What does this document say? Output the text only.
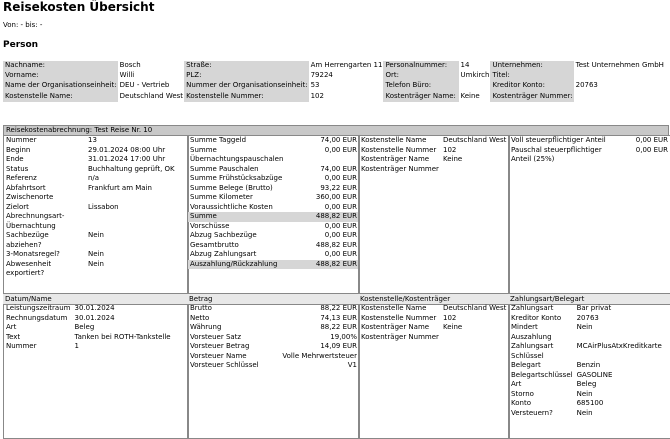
Reisekosten Übersicht
Von: - bis: -
Person
Nachname:	Bosch	Straße:	Am Herrengarten 11	Personalnummer:	14	Unternehmen:	Test Unternehmen GmbH
Vorname:	Willi	PLZ:	79224	Ort:	Umkirch	Titel:	
Name der Organisationseinheit:	DEU - Vertrieb	Nummer der Organisationseinheit:	53	Telefon Büro:		Kreditor Konto:	20763
Kostenstelle Name:	Deutschland West	Kostenstelle Nummer:	102	Kostenträger Name:	Keine	Kostenträger Nummer:	
Reisekostenabrechnung: Test Reise Nr. 10
Nummer	13
Beginn	29.01.2024 08:00 Uhr
Ende	31.01.2024 17:00 Uhr
Status	Buchhaltung geprüft, OK
Referenz	n/a
Abfahrtsort	Frankfurt am Main
Zwischenorte	
Zielort	Lissabon
Abrechnungsart-Übernachtung	
Sachbezüge abziehen?	Nein
3-Monatsregel?	Nein
Abwesenheit exportiert?	Nein
Summe Taggeld	74,00 EUR
Summe Übernachtungspauschalen	0,00 EUR
Summe Pauschalen	74,00 EUR
Summe Frühstücksabzüge	0,00 EUR
Summe Belege (Brutto)	93,22 EUR
Summe Kilometer	360,00 EUR
Voraussichtliche Kosten	0,00 EUR
Summe	488,82 EUR
Vorschüsse	0,00 EUR
Abzug Sachbezüge	0,00 EUR
Gesamtbrutto	488,82 EUR
Abzug Zahlungsart	0,00 EUR
Auszahlung/Rückzahlung	488,82 EUR
Kostenstelle Name	Deutschland West
Kostenstelle Nummer	102
Kostenträger Name	Keine
Kostenträger Nummer	
Voll steuerpflichtiger Anteil	0,00 EUR
Pauschal steuerpflichtiger Anteil (25%)	0,00 EUR
Datum/Name	Betrag	Kostenstelle/Kostenträger	Zahlungsart/Belegart
Leistungszeitraum	30.01.2024
Rechnungsdatum	30.01.2024
Art	Beleg
Text	Tanken bei ROTH-Tankstelle
Nummer	1
Brutto	88,22 EUR
Netto	74,13 EUR
Währung	88,22 EUR
Vorsteuer Satz	19,00%
Vorsteuer Betrag	14,09 EUR
Vorsteuer Name	Volle Mehrwertsteuer
Vorsteuer Schlüssel	V1
Kostenstelle Name	Deutschland West
Kostenstelle Nummer	102
Kostenträger Name	Keine
Kostenträger Nummer	
Zahlungsart	Bar privat
Kreditor Konto	20763
Mindert Auszahlung	Nein
Zahlungsart Schlüssel	MCAirPlusAtxKreditkarte
Belegart	Benzin
Belegartschlüssel	GASOLINE
Art	Beleg
Storno	Nein
Konto	685100
Versteuern?	Nein
